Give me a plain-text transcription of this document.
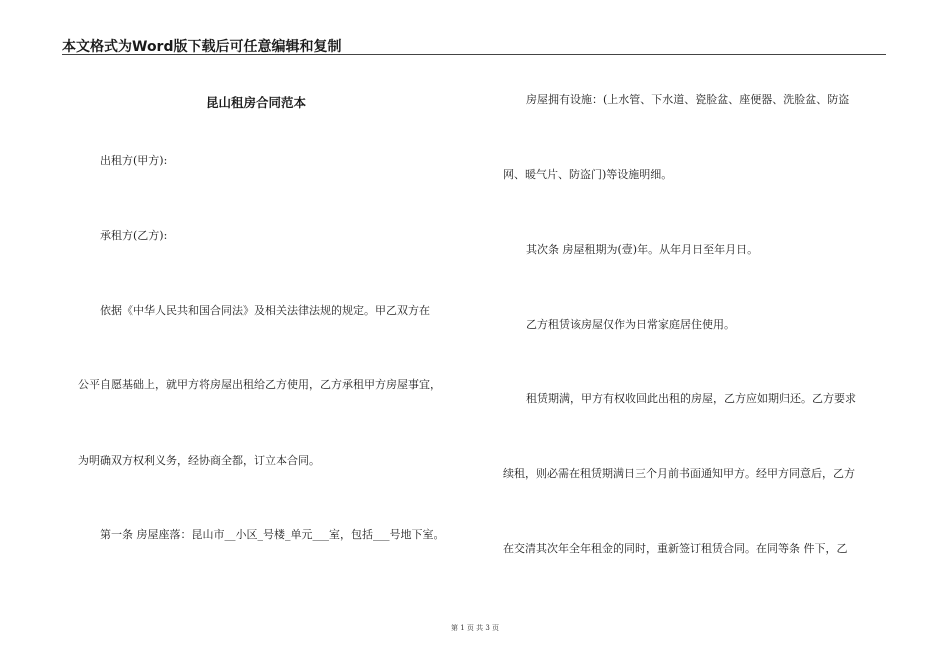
本文格式为Word版下载后可任意编辑和复制
昆山租房合同范本
出租方(甲方):
承租方(乙方):
依据《中华人民共和国合同法》及相关法律法规的规定。甲乙双方在
公平自愿基础上，就甲方将房屋出租给乙方使用，乙方承租甲方房屋事宜，
为明确双方权利义务，经协商全都，订立本合同。
第一条 房屋座落：昆山市__小区_号楼_单元___室，包括___号地下室。
房屋拥有设施：(上水管、下水道、瓷脸盆、座便器、洗脸盆、防盗
网、暖气片、防盗门)等设施明细。
其次条 房屋租期为(壹)年。从年月日至年月日。
乙方租赁该房屋仅作为日常家庭居住使用。
租赁期满，甲方有权收回此出租的房屋，乙方应如期归还。乙方要求
续租，则必需在租赁期满日三个月前书面通知甲方。经甲方同意后，乙方
在交清其次年全年租金的同时，重新签订租赁合同。在同等条 件下，乙
第 1 页 共 3 页
